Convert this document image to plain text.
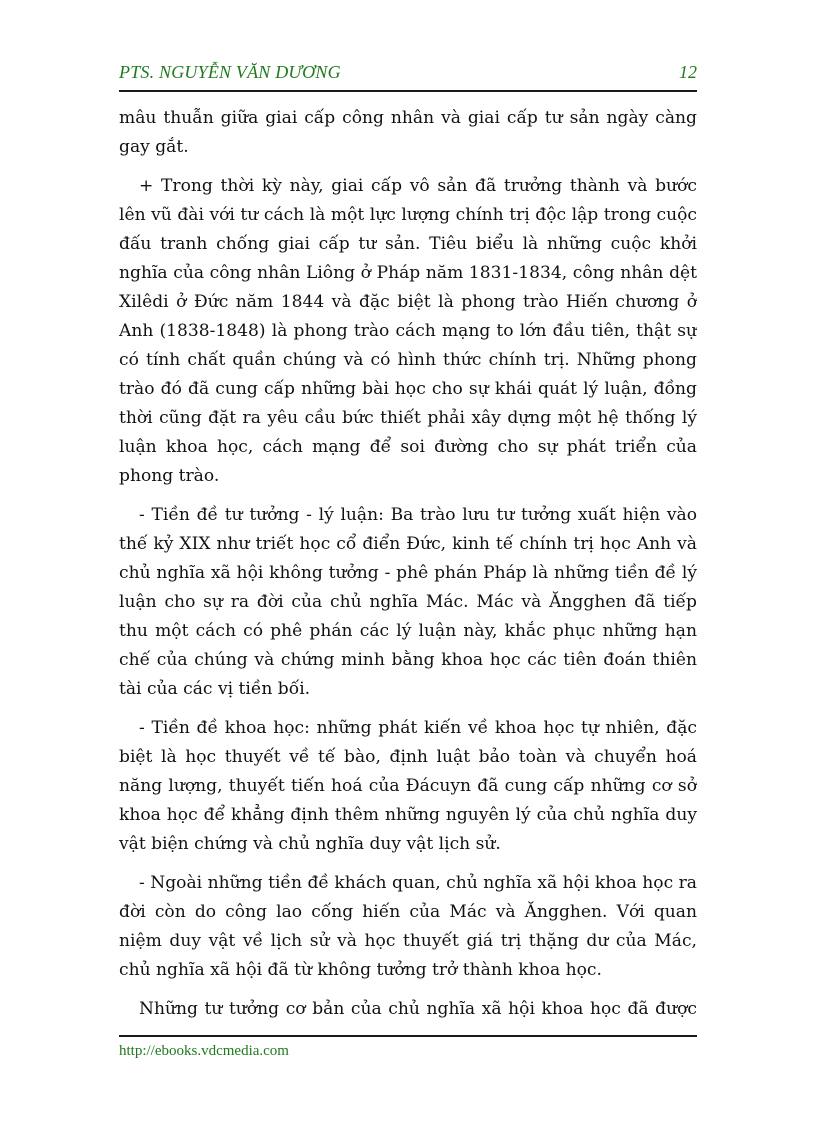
PTS. NGUYỄN VĂN DƯƠNG	12

mâu thuẫn giữa giai cấp công nhân và giai cấp tư sản ngày càng gay gắt.

+ Trong thời kỳ này, giai cấp vô sản đã trưởng thành và bước lên vũ đài với tư cách là một lực lượng chính trị độc lập trong cuộc đấu tranh chống giai cấp tư sản. Tiêu biểu là những cuộc khởi nghĩa của công nhân Liông ở Pháp năm 1831-1834, công nhân dệt Xilêdi ở Đức năm 1844 và đặc biệt là phong trào Hiến chương ở Anh (1838-1848) là phong trào cách mạng to lớn đầu tiên, thật sự có tính chất quần chúng và có hình thức chính trị. Những phong trào đó đã cung cấp những bài học cho sự khái quát lý luận, đồng thời cũng đặt ra yêu cầu bức thiết phải xây dựng một hệ thống lý luận khoa học, cách mạng để soi đường cho sự phát triển của phong trào.

- Tiền đề tư tưởng - lý luận: Ba trào lưu tư tưởng xuất hiện vào thế kỷ XIX như triết học cổ điển Đức, kinh tế chính trị học Anh và chủ nghĩa xã hội không tưởng - phê phán Pháp là những tiền đề lý luận cho sự ra đời của chủ nghĩa Mác. Mác và Ăngghen đã tiếp thu một cách có phê phán các lý luận này, khắc phục những hạn chế của chúng và chứng minh bằng khoa học các tiên đoán thiên tài của các vị tiền bối.

- Tiền đề khoa học: những phát kiến về khoa học tự nhiên, đặc biệt là học thuyết về tế bào, định luật bảo toàn và chuyển hoá năng lượng, thuyết tiến hoá của Đácuyn đã cung cấp những cơ sở khoa học để khẳng định thêm những nguyên lý của chủ nghĩa duy vật biện chứng và chủ nghĩa duy vật lịch sử.

- Ngoài những tiền đề khách quan, chủ nghĩa xã hội khoa học ra đời còn do công lao cống hiến của Mác và Ăngghen. Với quan niệm duy vật về lịch sử và học thuyết giá trị thặng dư của Mác, chủ nghĩa xã hội đã từ không tưởng trở thành khoa học.

Những tư tưởng cơ bản của chủ nghĩa xã hội khoa học đã được

http://ebooks.vdcmedia.com
